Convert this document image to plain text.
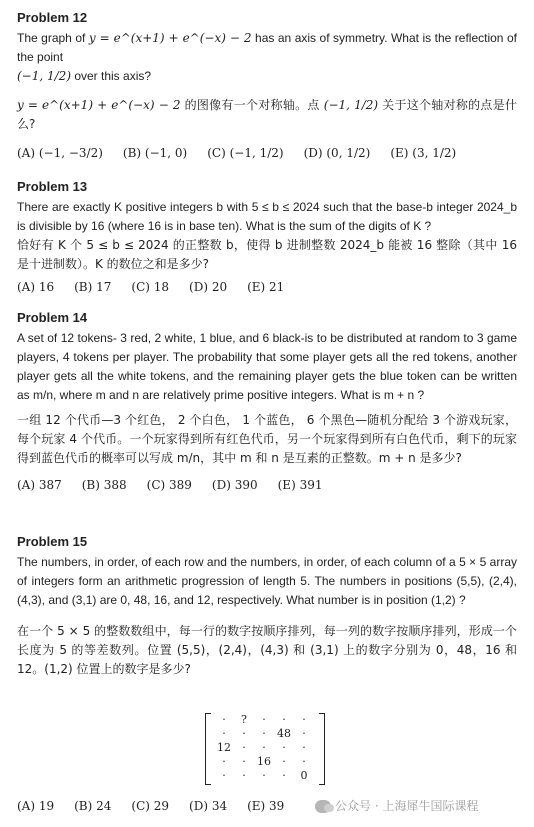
Problem 12

The graph of y = e^(x+1) + e^(−x) − 2 has an axis of symmetry. What is the reflection of the point
(−1, 1/2) over this axis?

y = e^(x+1) + e^(−x) − 2 的图像有一个对称轴。点 (−1, 1/2) 关于这个轴对称的点是什么?

(A) (−1, −3/2) (B) (−1, 0) (C) (−1, 1/2) (D) (0, 1/2) (E) (3, 1/2)
Problem 13

There are exactly K positive integers b with 5 ≤ b ≤ 2024 such that the base-b integer 2024_b is divisible by 16 (where 16 is in base ten). What is the sum of the digits of K ?

恰好有 K 个 5 ≤ b ≤ 2024 的正整数 b，使得 b 进制整数 2024_b 能被 16 整除（其中 16 是十进制数）。K 的数位之和是多少?

(A) 16 (B) 17 (C) 18 (D) 20 (E) 21
Problem 14

A set of 12 tokens- 3 red, 2 white, 1 blue, and 6 black-is to be distributed at random to 3 game players, 4 tokens per player. The probability that some player gets all the red tokens, another player gets all the white tokens, and the remaining player gets the blue token can be written as m/n, where m and n are relatively prime positive integers. What is m + n ?

一组 12 个代币—3 个红色， 2 个白色， 1 个蓝色， 6 个黑色—随机分配给 3 个游戏玩家，每个玩家 4 个代币。一个玩家得到所有红色代币，另一个玩家得到所有白色代币，剩下的玩家得到蓝色代币的概率可以写成 m/n，其中 m 和 n 是互素的正整数。m + n 是多少?

(A) 387 (B) 388 (C) 389 (D) 390 (E) 391
Problem 15

The numbers, in order, of each row and the numbers, in order, of each column of a 5 × 5 array of integers form an arithmetic progression of length 5. The numbers in positions (5,5), (2,4), (4,3), and (3,1) are 0, 48, 16, and 12, respectively. What number is in position (1,2) ?

在一个 5 × 5 的整数数组中，每一行的数字按顺序排列，每一列的数字按顺序排列，形成一个长度为 5 的等差数列。位置 (5,5)，(2,4)，(4,3) 和 (3,1) 上的数字分别为 0，48，16 和 12。(1,2) 位置上的数字是多少?

·	?	·	·	·
·	·	·	48	·
12	·	·	·	·
·	·	16	·	·
·	·	·	·	0
(A) 19 (B) 24 (C) 29 (D) 34 (E) 39	公众号 · 上海犀牛国际课程
